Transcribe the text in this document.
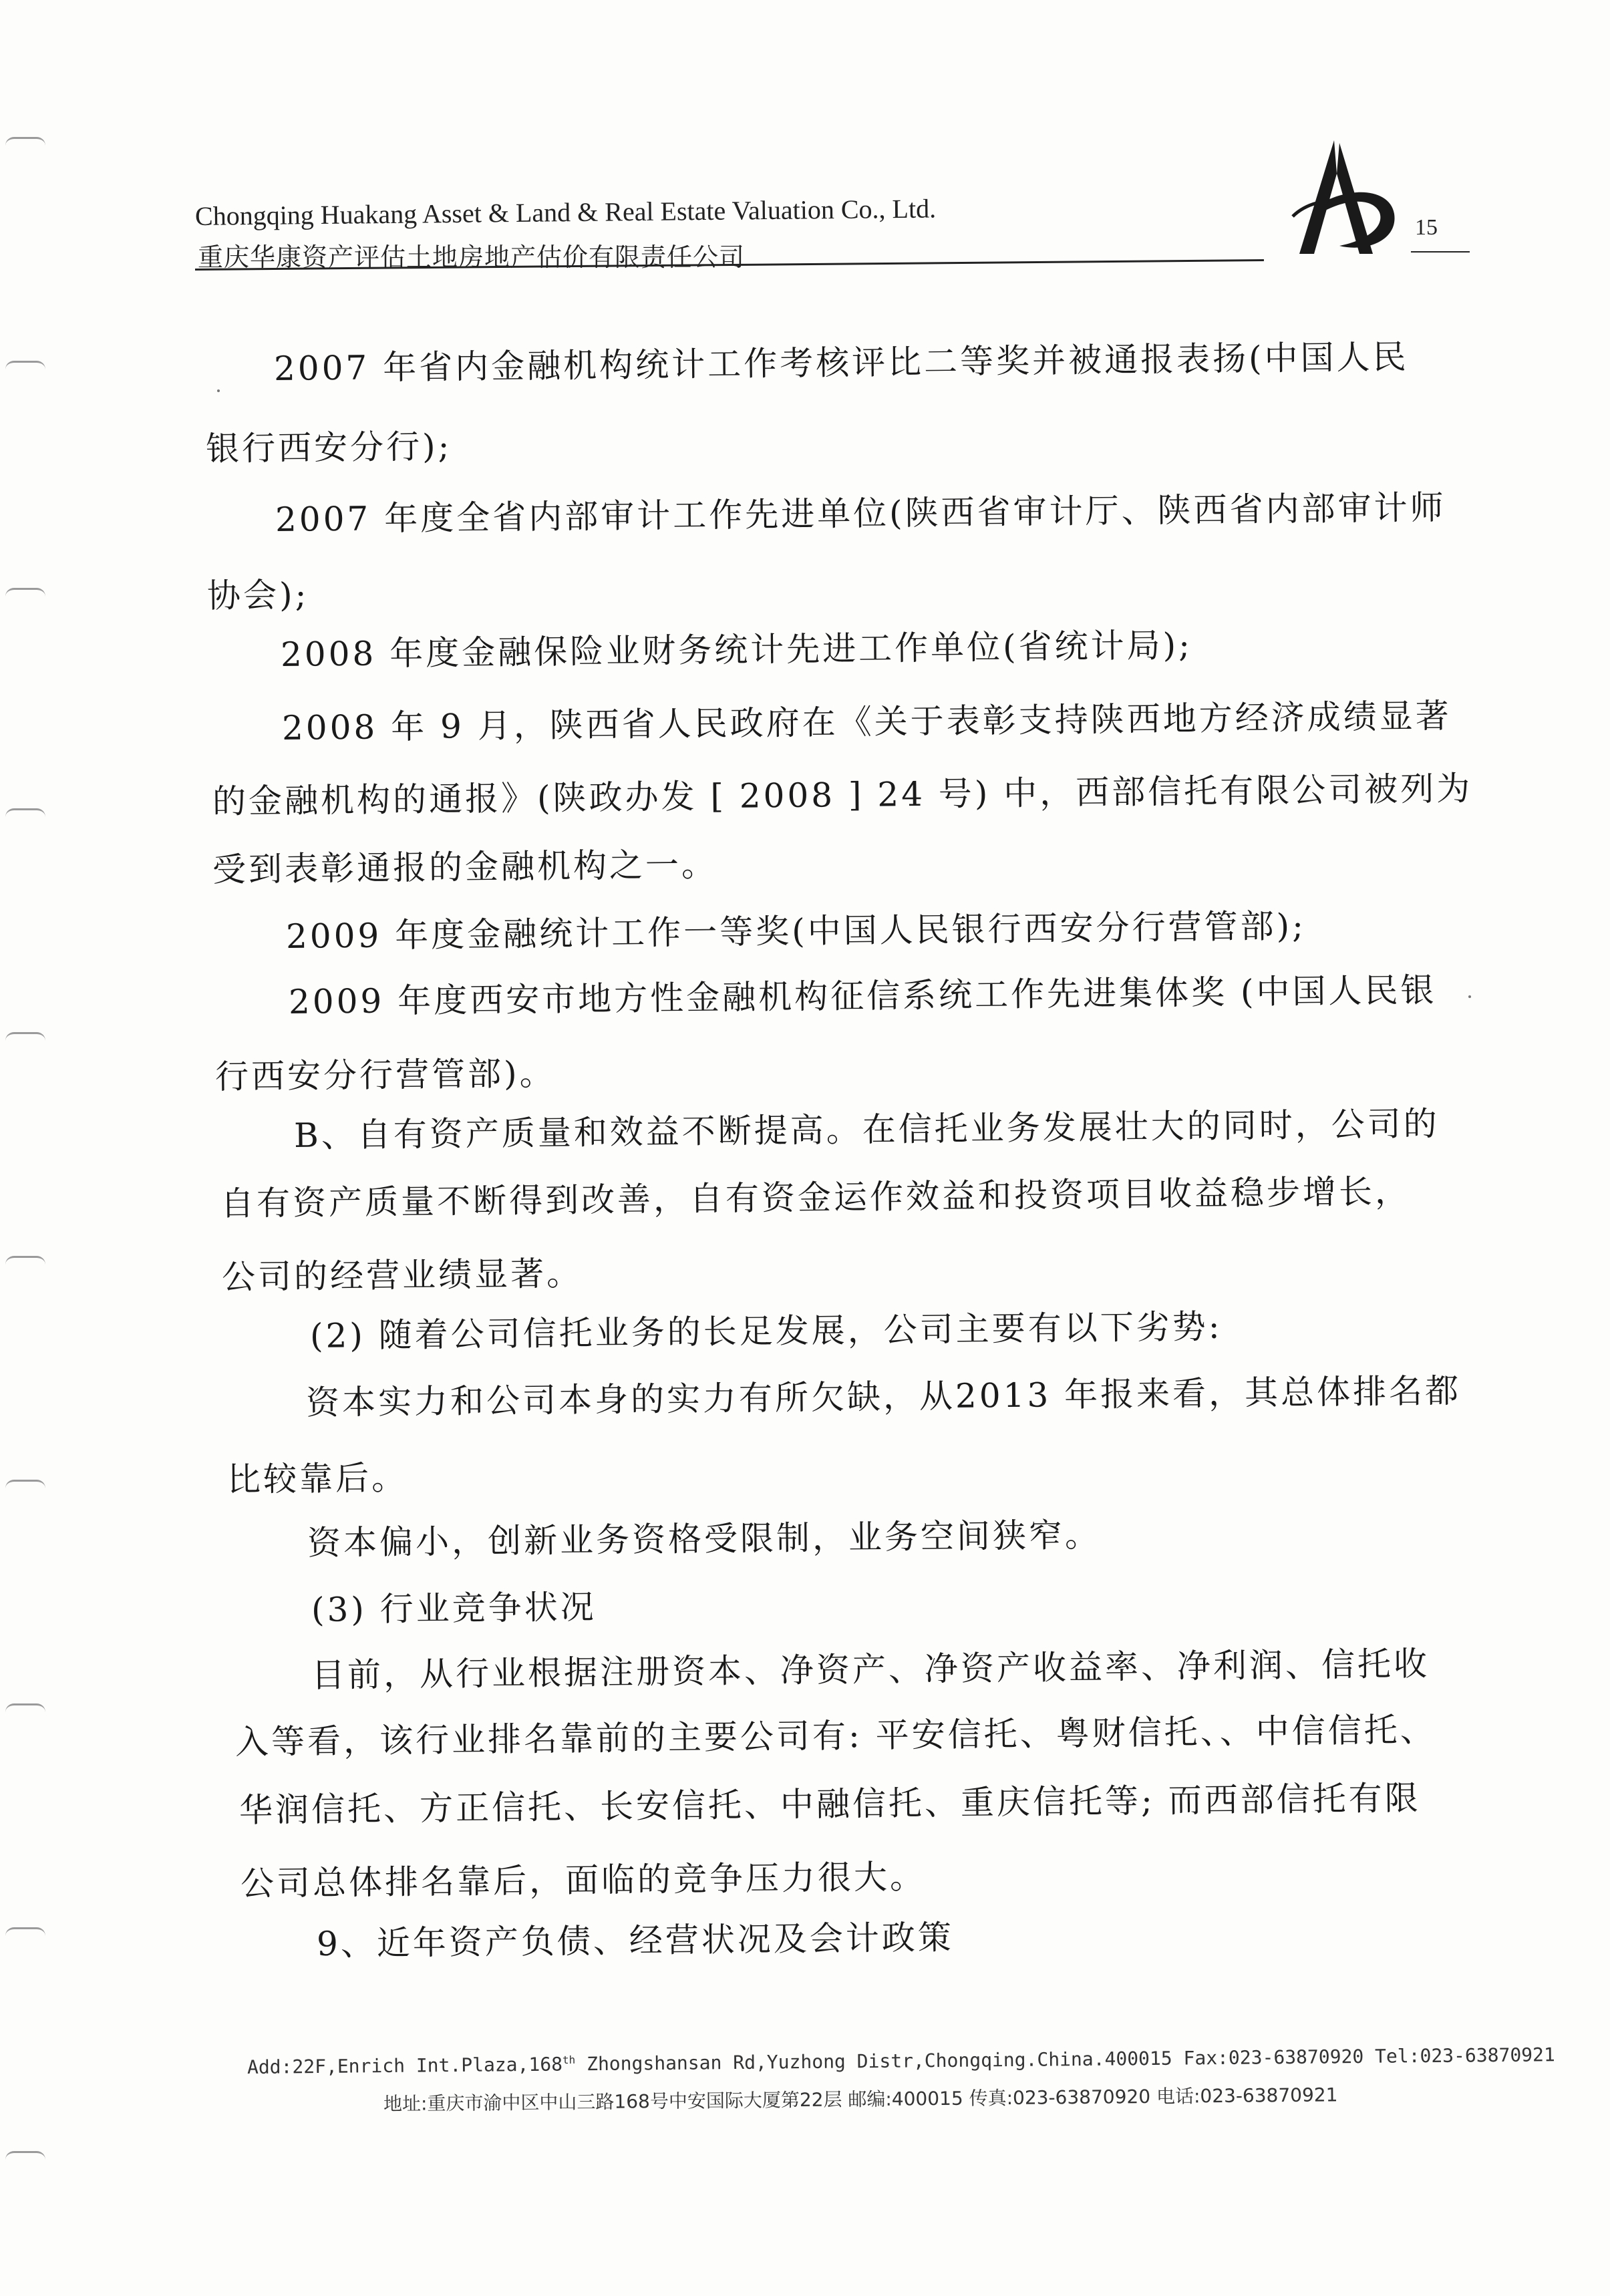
Chongqing Huakang Asset & Land & Real Estate Valuation Co., Ltd.
重庆华康资产评估土地房地产估价有限责任公司
15
2007 年省内金融机构统计工作考核评比二等奖并被通报表扬(中国人民
银行西安分行);
2007 年度全省内部审计工作先进单位(陕西省审计厅、陕西省内部审计师
协会);
2008 年度金融保险业财务统计先进工作单位(省统计局);
2008 年 9 月，陕西省人民政府在《关于表彰支持陕西地方经济成绩显著
的金融机构的通报》(陕政办发 [ 2008 ] 24 号) 中，西部信托有限公司被列为
受到表彰通报的金融机构之一。
2009 年度金融统计工作一等奖(中国人民银行西安分行营管部);
2009 年度西安市地方性金融机构征信系统工作先进集体奖 (中国人民银
行西安分行营管部)。
B、自有资产质量和效益不断提高。在信托业务发展壮大的同时，公司的
自有资产质量不断得到改善，自有资金运作效益和投资项目收益稳步增长，
公司的经营业绩显著。
(2) 随着公司信托业务的长足发展，公司主要有以下劣势:
资本实力和公司本身的实力有所欠缺，从2013 年报来看，其总体排名都
比较靠后。
资本偏小，创新业务资格受限制，业务空间狭窄。
(3) 行业竞争状况
目前，从行业根据注册资本、净资产、净资产收益率、净利润、信托收
入等看，该行业排名靠前的主要公司有: 平安信托、粤财信托、、中信信托、
华润信托、方正信托、长安信托、中融信托、重庆信托等; 而西部信托有限
公司总体排名靠后，面临的竞争压力很大。
9、近年资产负债、经营状况及会计政策
Add:22F,Enrich Int.Plaza,168th Zhongshansan Rd,Yuzhong Distr,Chongqing.China.400015 Fax:023-63870920 Tel:023-63870921
地址:重庆市渝中区中山三路168号中安国际大厦第22层 邮编:400015 传真:023-63870920 电话:023-63870921
